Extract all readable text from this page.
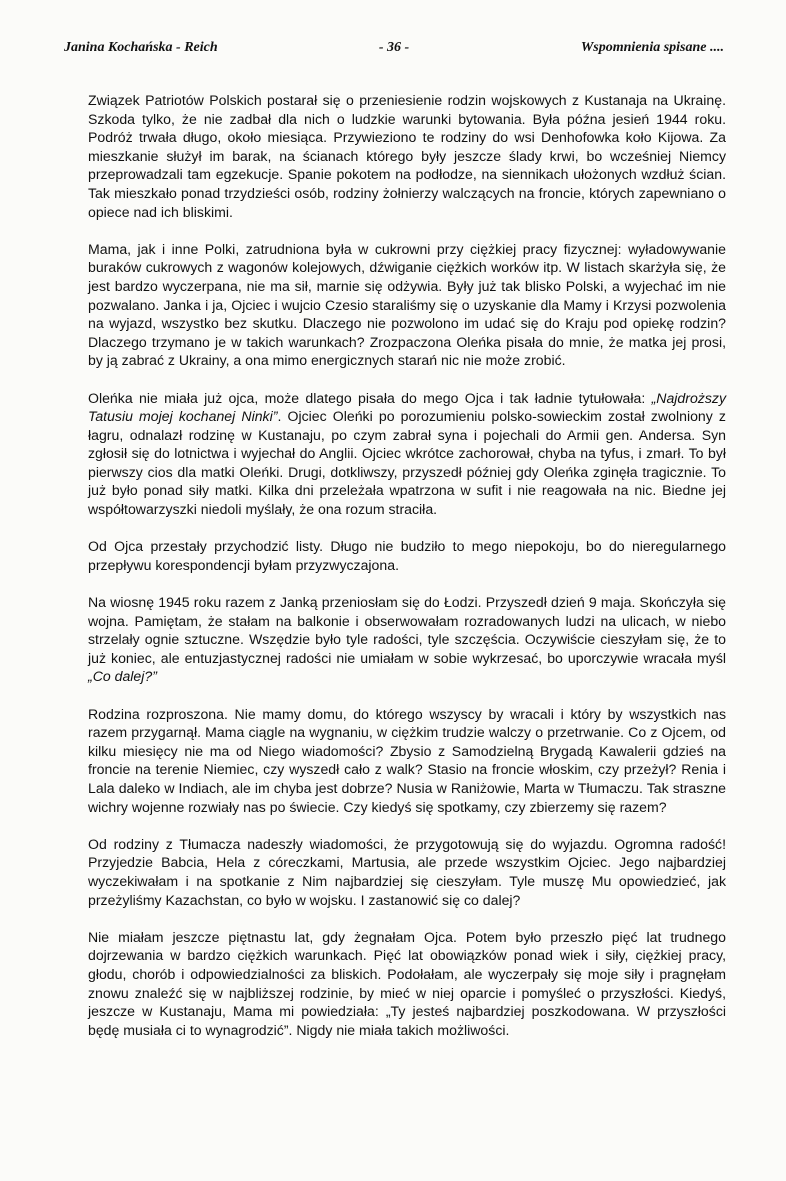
Janina Kochańska - Reich	- 36 -	Wspomnienia spisane ....

Związek Patriotów Polskich postarał się o przeniesienie rodzin wojskowych z Kustanaja na Ukrainę. Szkoda tylko, że nie zadbał dla nich o ludzkie warunki bytowania. Była późna jesień 1944 roku. Podróż trwała długo, około miesiąca. Przywieziono te rodziny do wsi Denhofowka koło Kijowa. Za mieszkanie służył im barak, na ścianach którego były jeszcze ślady krwi, bo wcześniej Niemcy przeprowadzali tam egzekucje. Spanie pokotem na podłodze, na siennikach ułożonych wzdłuż ścian. Tak mieszkało ponad trzydzieści osób, rodziny żołnierzy walczących na froncie, których zapewniano o opiece nad ich bliskimi.

Mama, jak i inne Polki, zatrudniona była w cukrowni przy ciężkiej pracy fizycznej: wyładowywanie buraków cukrowych z wagonów kolejowych, dźwiganie ciężkich worków itp. W listach skarżyła się, że jest bardzo wyczerpana, nie ma sił, marnie się odżywia. Były już tak blisko Polski, a wyjechać im nie pozwalano. Janka i ja, Ojciec i wujcio Czesio staraliśmy się o uzyskanie dla Mamy i Krzysi pozwolenia na wyjazd, wszystko bez skutku. Dlaczego nie pozwolono im udać się do Kraju pod opiekę rodzin? Dlaczego trzymano je w takich warunkach? Zrozpaczona Oleńka pisała do mnie, że matka jej prosi, by ją zabrać z Ukrainy, a ona mimo energicznych starań nic nie może zrobić.

Oleńka nie miała już ojca, może dlatego pisała do mego Ojca i tak ładnie tytułowała: „Najdroższy Tatusiu mojej kochanej Ninki”. Ojciec Oleńki po porozumieniu polsko-sowieckim został zwolniony z łagru, odnalazł rodzinę w Kustanaju, po czym zabrał syna i pojechali do Armii gen. Andersa. Syn zgłosił się do lotnictwa i wyjechał do Anglii. Ojciec wkrótce zachorował, chyba na tyfus, i zmarł. To był pierwszy cios dla matki Oleńki. Drugi, dotkliwszy, przyszedł później gdy Oleńka zginęła tragicznie. To już było ponad siły matki. Kilka dni przeleżała wpatrzona w sufit i nie reagowała na nic. Biedne jej współtowarzyszki niedoli myślały, że ona rozum straciła.

Od Ojca przestały przychodzić listy. Długo nie budziło to mego niepokoju, bo do nieregularnego przepływu korespondencji byłam przyzwyczajona.

Na wiosnę 1945 roku razem z Janką przeniosłam się do Łodzi. Przyszedł dzień 9 maja. Skończyła się wojna. Pamiętam, że stałam na balkonie i obserwowałam rozradowanych ludzi na ulicach, w niebo strzelały ognie sztuczne. Wszędzie było tyle radości, tyle szczęścia. Oczywiście cieszyłam się, że to już koniec, ale entuzjastycznej radości nie umiałam w sobie wykrzesać, bo uporczywie wracała myśl „Co dalej?”

Rodzina rozproszona. Nie mamy domu, do którego wszyscy by wracali i który by wszystkich nas razem przygarnął. Mama ciągle na wygnaniu, w ciężkim trudzie walczy o przetrwanie. Co z Ojcem, od kilku miesięcy nie ma od Niego wiadomości? Zbysio z Samodzielną Brygadą Kawalerii gdzieś na froncie na terenie Niemiec, czy wyszedł cało z walk? Stasio na froncie włoskim, czy przeżył? Renia i Lala daleko w Indiach, ale im chyba jest dobrze? Nusia w Raniżowie, Marta w Tłumaczu. Tak straszne wichry wojenne rozwiały nas po świecie. Czy kiedyś się spotkamy, czy zbierzemy się razem?

Od rodziny z Tłumacza nadeszły wiadomości, że przygotowują się do wyjazdu. Ogromna radość! Przyjedzie Babcia, Hela z córeczkami, Martusia, ale przede wszystkim Ojciec. Jego najbardziej wyczekiwałam i na spotkanie z Nim najbardziej się cieszyłam. Tyle muszę Mu opowiedzieć, jak przeżyliśmy Kazachstan, co było w wojsku. I zastanowić się co dalej?

Nie miałam jeszcze piętnastu lat, gdy żegnałam Ojca. Potem było przeszło pięć lat trudnego dojrzewania w bardzo ciężkich warunkach. Pięć lat obowiązków ponad wiek i siły, ciężkiej pracy, głodu, chorób i odpowiedzialności za bliskich. Podołałam, ale wyczerpały się moje siły i pragnęłam znowu znaleźć się w najbliższej rodzinie, by mieć w niej oparcie i pomyśleć o przyszłości. Kiedyś, jeszcze w Kustanaju, Mama mi powiedziała: „Ty jesteś najbardziej poszkodowana. W przyszłości będę musiała ci to wynagrodzić”. Nigdy nie miała takich możliwości.
